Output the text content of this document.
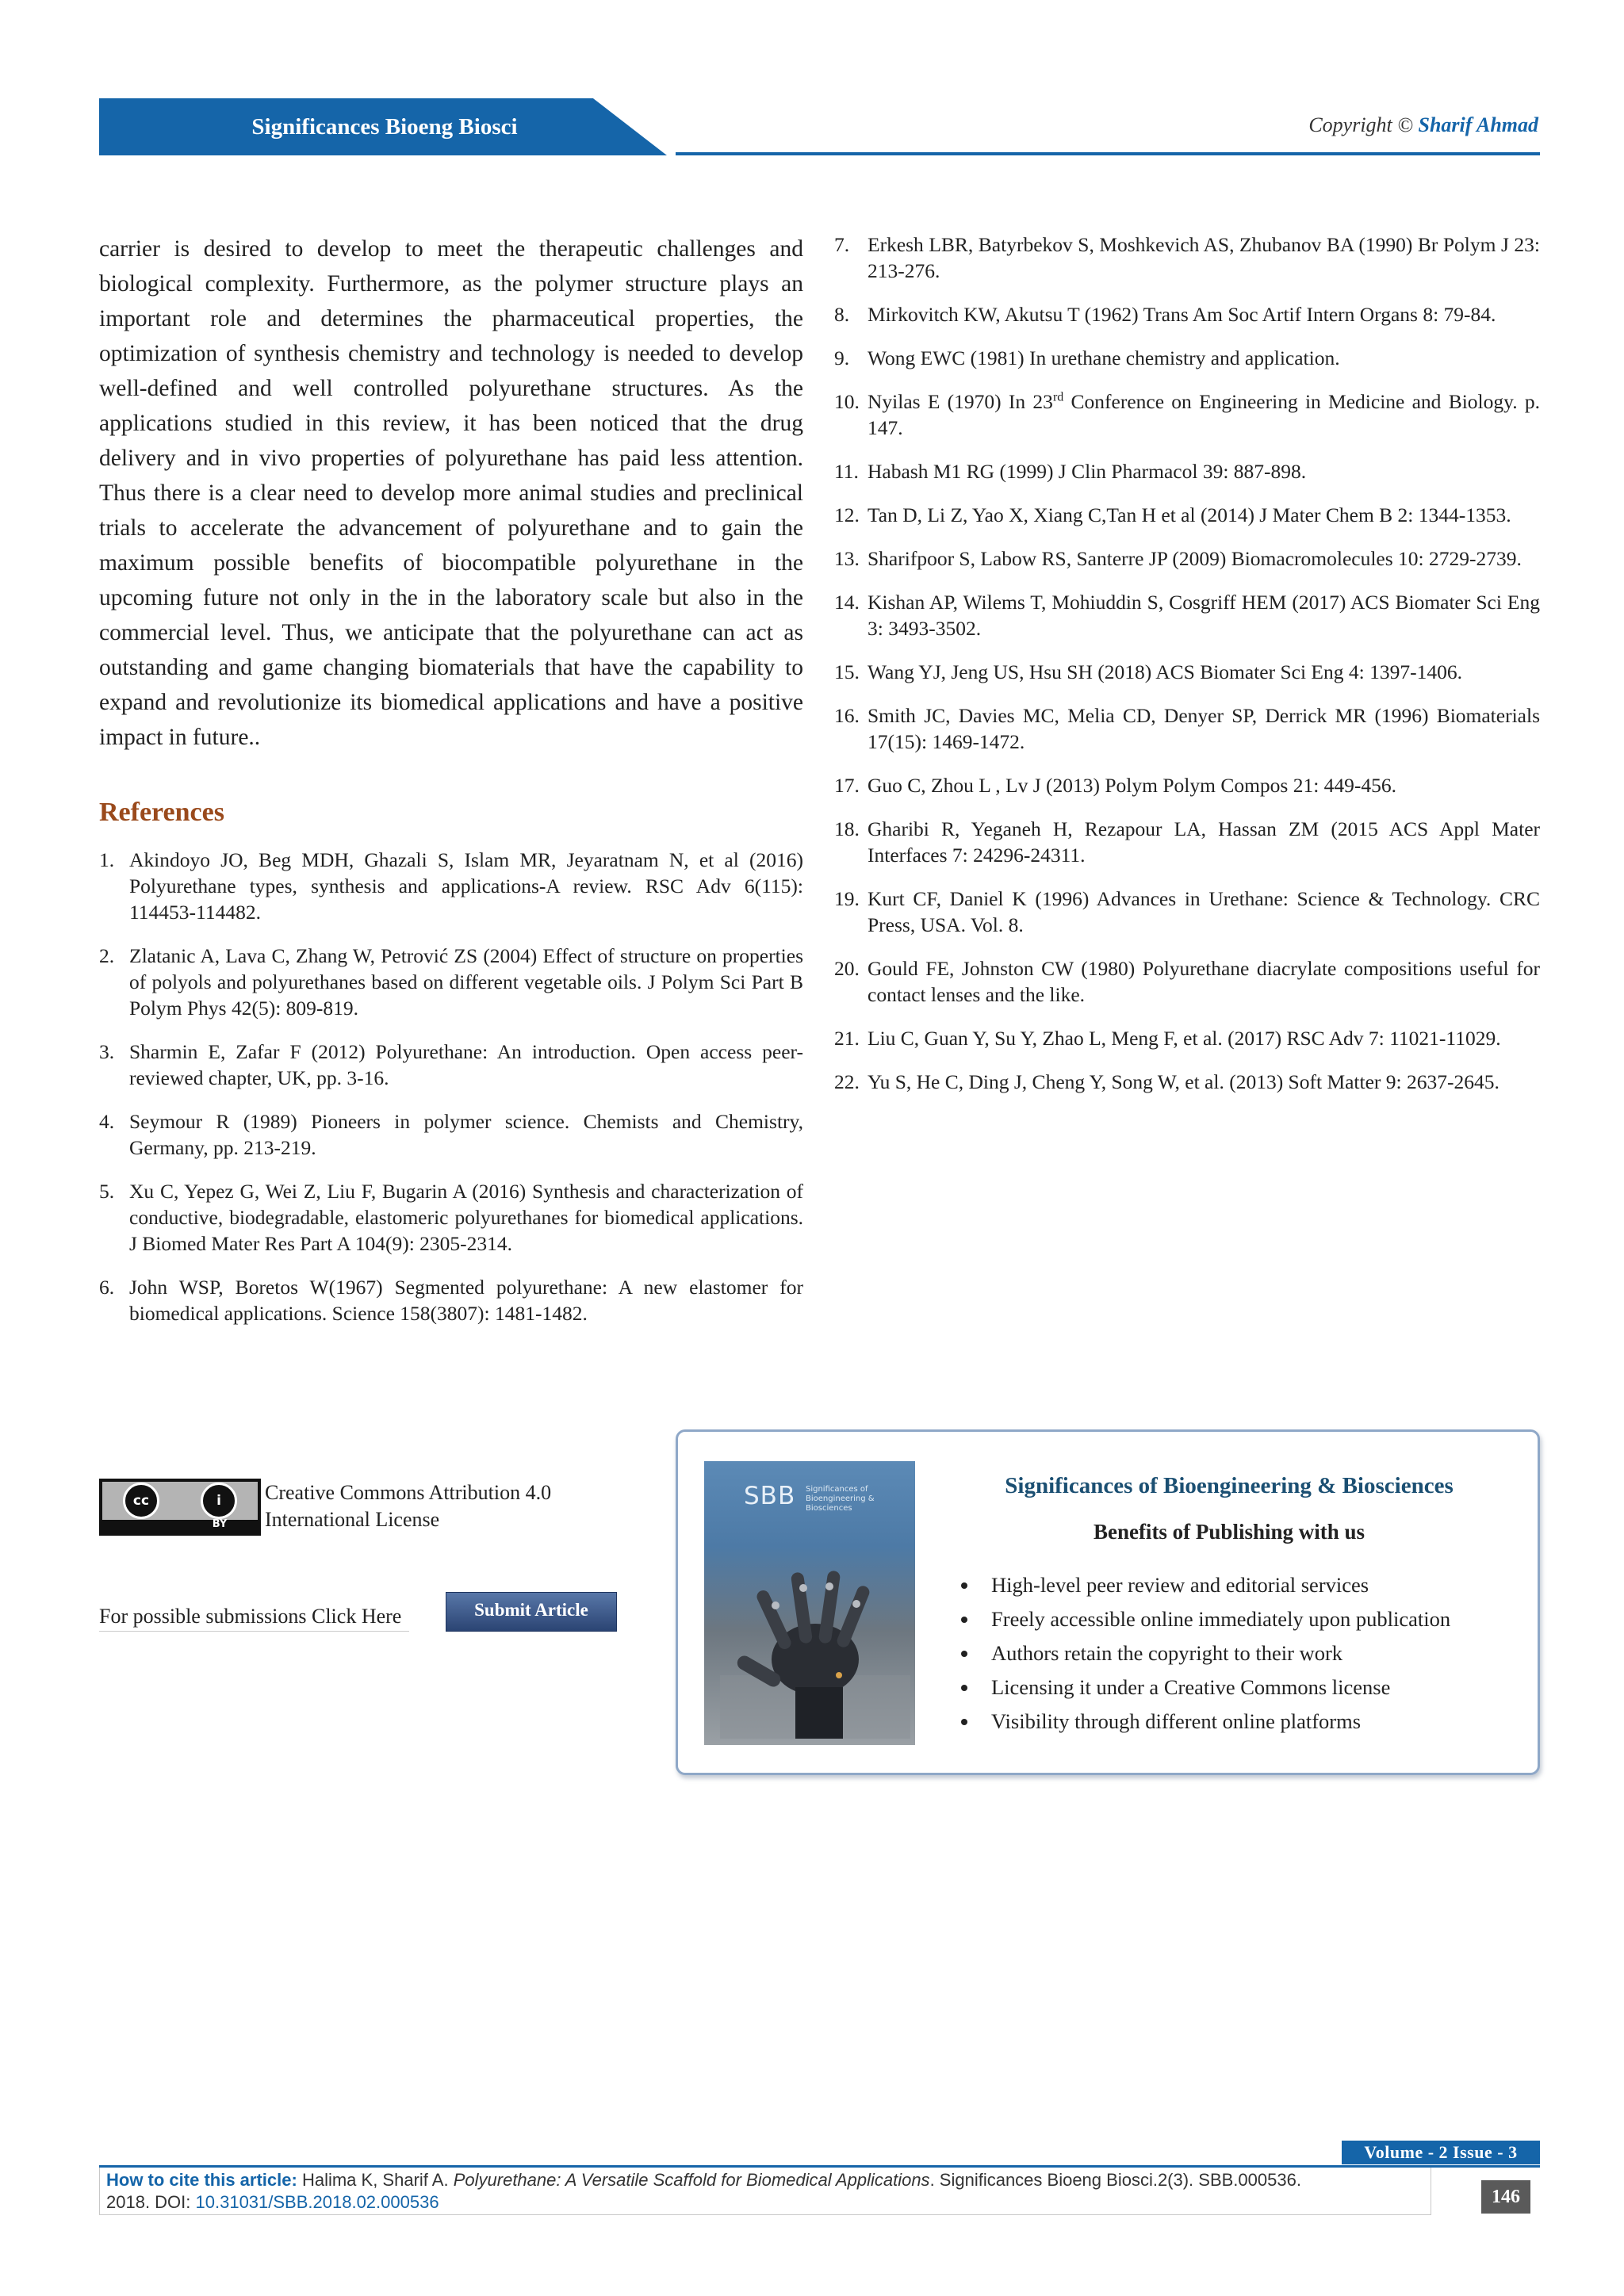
Significances Bioeng Biosci	Copyright © Sharif Ahmad

carrier is desired to develop to meet the therapeutic challenges and biological complexity. Furthermore, as the polymer structure plays an important role and determines the pharmaceutical properties, the optimization of synthesis chemistry and technology is needed to develop well-defined and well controlled polyurethane structures. As the applications studied in this review, it has been noticed that the drug delivery and in vivo properties of polyurethane has paid less attention. Thus there is a clear need to develop more animal studies and preclinical trials to accelerate the advancement of polyurethane and to gain the maximum possible benefits of biocompatible polyurethane in the upcoming future not only in the in the laboratory scale but also in the commercial level. Thus, we anticipate that the polyurethane can act as outstanding and game changing biomaterials that have the capability to expand and revolutionize its biomedical applications and have a positive impact in future..

References
1. Akindoyo JO, Beg MDH, Ghazali S, Islam MR, Jeyaratnam N, et al (2016) Polyurethane types, synthesis and applications-A review. RSC Adv 6(115): 114453-114482.
2. Zlatanic A, Lava C, Zhang W, Petrović ZS (2004) Effect of structure on properties of polyols and polyurethanes based on different vegetable oils. J Polym Sci Part B Polym Phys 42(5): 809-819.
3. Sharmin E, Zafar F (2012) Polyurethane: An introduction. Open access peer-reviewed chapter, UK, pp. 3-16.
4. Seymour R (1989) Pioneers in polymer science. Chemists and Chemistry, Germany, pp. 213-219.
5. Xu C, Yepez G, Wei Z, Liu F, Bugarin A (2016) Synthesis and characterization of conductive, biodegradable, elastomeric polyurethanes for biomedical applications. J Biomed Mater Res Part A 104(9): 2305-2314.
6. John WSP, Boretos W(1967) Segmented polyurethane: A new elastomer for biomedical applications. Science 158(3807): 1481-1482.
7. Erkesh LBR, Batyrbekov S, Moshkevich AS, Zhubanov BA (1990) Br Polym J 23: 213-276.
8. Mirkovitch KW, Akutsu T (1962) Trans Am Soc Artif Intern Organs 8: 79-84.
9. Wong EWC (1981) In urethane chemistry and application.
10. Nyilas E (1970) In 23rd Conference on Engineering in Medicine and Biology. p. 147.
11. Habash M1 RG (1999) J Clin Pharmacol 39: 887-898.
12. Tan D, Li Z, Yao X, Xiang C,Tan H et al (2014) J Mater Chem B 2: 1344-1353.
13. Sharifpoor S, Labow RS, Santerre JP (2009) Biomacromolecules 10: 2729-2739.
14. Kishan AP, Wilems T, Mohiuddin S, Cosgriff HEM (2017) ACS Biomater Sci Eng 3: 3493-3502.
15. Wang YJ, Jeng US, Hsu SH (2018) ACS Biomater Sci Eng 4: 1397-1406.
16. Smith JC, Davies MC, Melia CD, Denyer SP, Derrick MR (1996) Biomaterials 17(15): 1469-1472.
17. Guo C, Zhou L , Lv J (2013) Polym Polym Compos 21: 449-456.
18. Gharibi R, Yeganeh H, Rezapour LA, Hassan ZM (2015 ACS Appl Mater Interfaces 7: 24296-24311.
19. Kurt CF, Daniel K (1996) Advances in Urethane: Science & Technology. CRC Press, USA. Vol. 8.
20. Gould FE, Johnston CW (1980) Polyurethane diacrylate compositions useful for contact lenses and the like.
21. Liu C, Guan Y, Su Y, Zhao L, Meng F, et al. (2017) RSC Adv 7: 11021-11029.
22. Yu S, He C, Ding J, Cheng Y, Song W, et al. (2013) Soft Matter 9: 2637-2645.
cc	i
BY
Creative Commons Attribution 4.0 International License
For possible submissions Click Here	Submit Article
SBB Significances of Bioengineering & Biosciences
Significances of Bioengineering & Biosciences
Benefits of Publishing with us
High-level peer review and editorial services
Freely accessible online immediately upon publication
Authors retain the copyright to their work
Licensing it under a Creative Commons license
Visibility through different online platforms
Volume - 2 Issue - 3
How to cite this article: Halima K, Sharif A. Polyurethane: A Versatile Scaffold for Biomedical Applications. Significances Bioeng Biosci.2(3). SBB.000536.
2018. DOI: 10.31031/SBB.2018.02.000536	146
